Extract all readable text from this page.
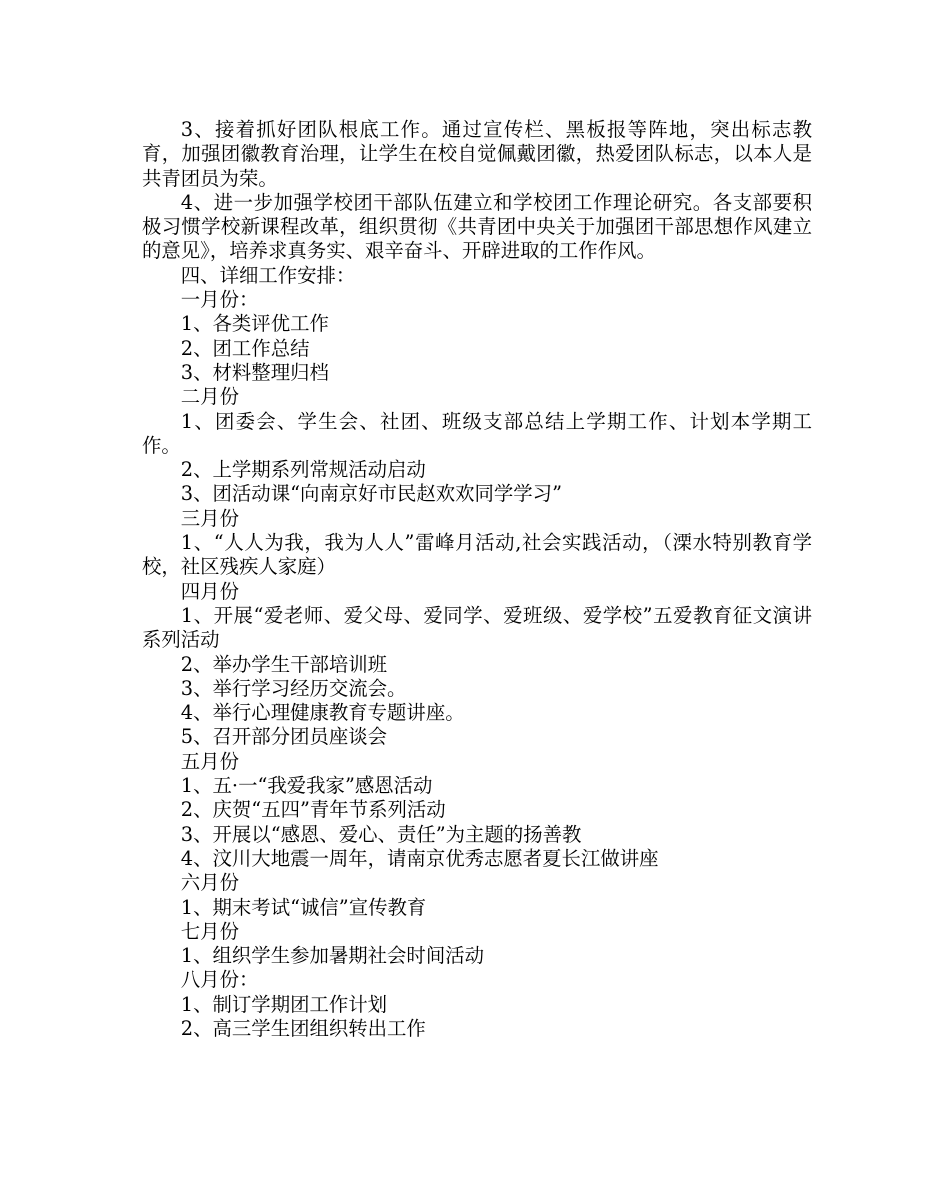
3、接着抓好团队根底工作。通过宣传栏、黑板报等阵地，突出标志教育，加强团徽教育治理，让学生在校自觉佩戴团徽，热爱团队标志，以本人是共青团员为荣。

4、进一步加强学校团干部队伍建立和学校团工作理论研究。各支部要积极习惯学校新课程改革，组织贯彻《共青团中央关于加强团干部思想作风建立的意见》，培养求真务实、艰辛奋斗、开辟进取的工作作风。

四、详细工作安排：

一月份：

1、各类评优工作

2、团工作总结

3、材料整理归档

二月份

1、团委会、学生会、社团、班级支部总结上学期工作、计划本学期工作。

2、上学期系列常规活动启动

3、团活动课“向南京好市民赵欢欢同学学习”

三月份

1、“人人为我，我为人人”雷峰月活动,社会实践活动，（溧水特别教育学校，社区残疾人家庭）

四月份

1、开展“爱老师、爱父母、爱同学、爱班级、爱学校”五爱教育征文演讲系列活动

2、举办学生干部培训班

3、举行学习经历交流会。

4、举行心理健康教育专题讲座。

5、召开部分团员座谈会

五月份

1、五·一“我爱我家”感恩活动

2、庆贺“五四”青年节系列活动

3、开展以“感恩、爱心、责任”为主题的扬善教

4、汶川大地震一周年，请南京优秀志愿者夏长江做讲座

六月份

1、期末考试“诚信”宣传教育

七月份

1、组织学生参加暑期社会时间活动

八月份：

1、制订学期团工作计划

2、高三学生团组织转出工作
